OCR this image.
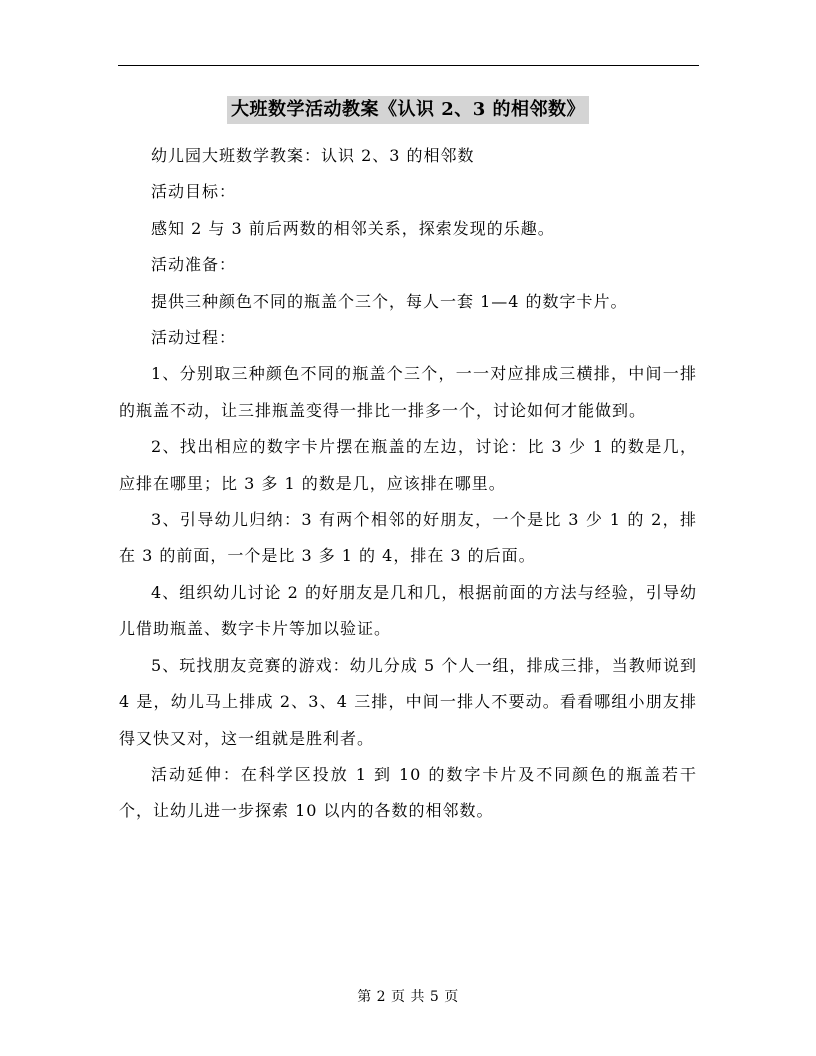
大班数学活动教案《认识 2、3 的相邻数》

幼儿园大班数学教案：认识 2、3 的相邻数

活动目标：

感知 2 与 3 前后两数的相邻关系，探索发现的乐趣。

活动准备：

提供三种颜色不同的瓶盖个三个，每人一套 1—4 的数字卡片。

活动过程：

1、分别取三种颜色不同的瓶盖个三个，一一对应排成三横排，中间一排的瓶盖不动，让三排瓶盖变得一排比一排多一个，讨论如何才能做到。

2、找出相应的数字卡片摆在瓶盖的左边，讨论：比 3 少 1 的数是几，应排在哪里；比 3 多 1 的数是几，应该排在哪里。

3、引导幼儿归纳：3 有两个相邻的好朋友，一个是比 3 少 1 的 2，排在 3 的前面，一个是比 3 多 1 的 4，排在 3 的后面。

4、组织幼儿讨论 2 的好朋友是几和几，根据前面的方法与经验，引导幼儿借助瓶盖、数字卡片等加以验证。

5、玩找朋友竞赛的游戏：幼儿分成 5 个人一组，排成三排，当教师说到 4 是，幼儿马上排成 2、3、4 三排，中间一排人不要动。看看哪组小朋友排得又快又对，这一组就是胜利者。

活动延伸：在科学区投放 1 到 10 的数字卡片及不同颜色的瓶盖若干个，让幼儿进一步探索 10 以内的各数的相邻数。

第 2 页 共 5 页
